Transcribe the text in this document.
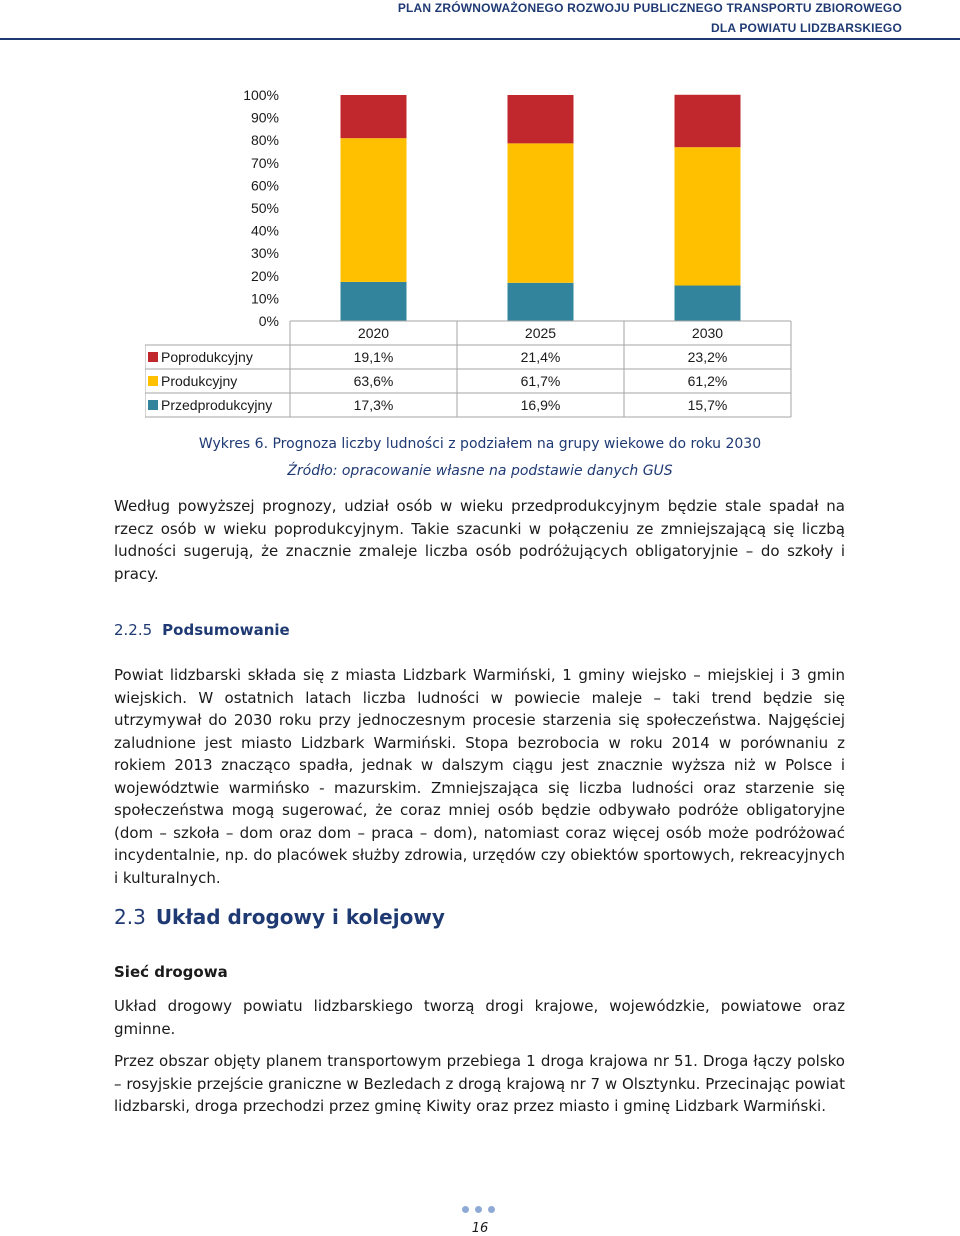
PLAN ZRÓWNOWAŻONEGO ROZWOJU PUBLICZNEGO TRANSPORTU ZBIOROWEGO
DLA POWIATU LIDZBARSKIEGO
0%
10%
20%
30%
40%
50%
60%
70%
80%
90%
100%
2020	2025	2030
Poprodukcyjny	19,1%	21,4%	23,2%
Produkcyjny	63,6%	61,7%	61,2%
Przedprodukcyjny	17,3%	16,9%	15,7%
Wykres 6. Prognoza liczby ludności z podziałem na grupy wiekowe do roku 2030
Źródło: opracowanie własne na podstawie danych GUS
Według powyższej prognozy, udział osób w wieku przedprodukcyjnym będzie stale spadał na rzecz osób w wieku poprodukcyjnym. Takie szacunki w połączeniu ze zmniejszającą się liczbą ludności sugerują, że znacznie zmaleje liczba osób podróżujących obligatoryjnie – do szkoły i pracy.
2.2.5 Podsumowanie
Powiat lidzbarski składa się z miasta Lidzbark Warmiński, 1 gminy wiejsko – miejskiej i 3 gmin wiejskich. W ostatnich latach liczba ludności w powiecie maleje – taki trend będzie się utrzymywał do 2030 roku przy jednoczesnym procesie starzenia się społeczeństwa. Najgęściej zaludnione jest miasto Lidzbark Warmiński. Stopa bezrobocia w roku 2014 w porównaniu z rokiem 2013 znacząco spadła, jednak w dalszym ciągu jest znacznie wyższa niż w Polsce i województwie warmińsko - mazurskim. Zmniejszająca się liczba ludności oraz starzenie się społeczeństwa mogą sugerować, że coraz mniej osób będzie odbywało podróże obligatoryjne (dom – szkoła – dom oraz dom – praca – dom), natomiast coraz więcej osób może podróżować incydentalnie, np. do placówek służby zdrowia, urzędów czy obiektów sportowych, rekreacyjnych i kulturalnych.
2.3 Układ drogowy i kolejowy
Sieć drogowa
Układ drogowy powiatu lidzbarskiego tworzą drogi krajowe, wojewódzkie, powiatowe oraz gminne.
Przez obszar objęty planem transportowym przebiega 1 droga krajowa nr 51. Droga łączy polsko – rosyjskie przejście graniczne w Bezledach z drogą krajową nr 7 w Olsztynku. Przecinając powiat lidzbarski, droga przechodzi przez gminę Kiwity oraz przez miasto i gminę Lidzbark Warmiński.
16
